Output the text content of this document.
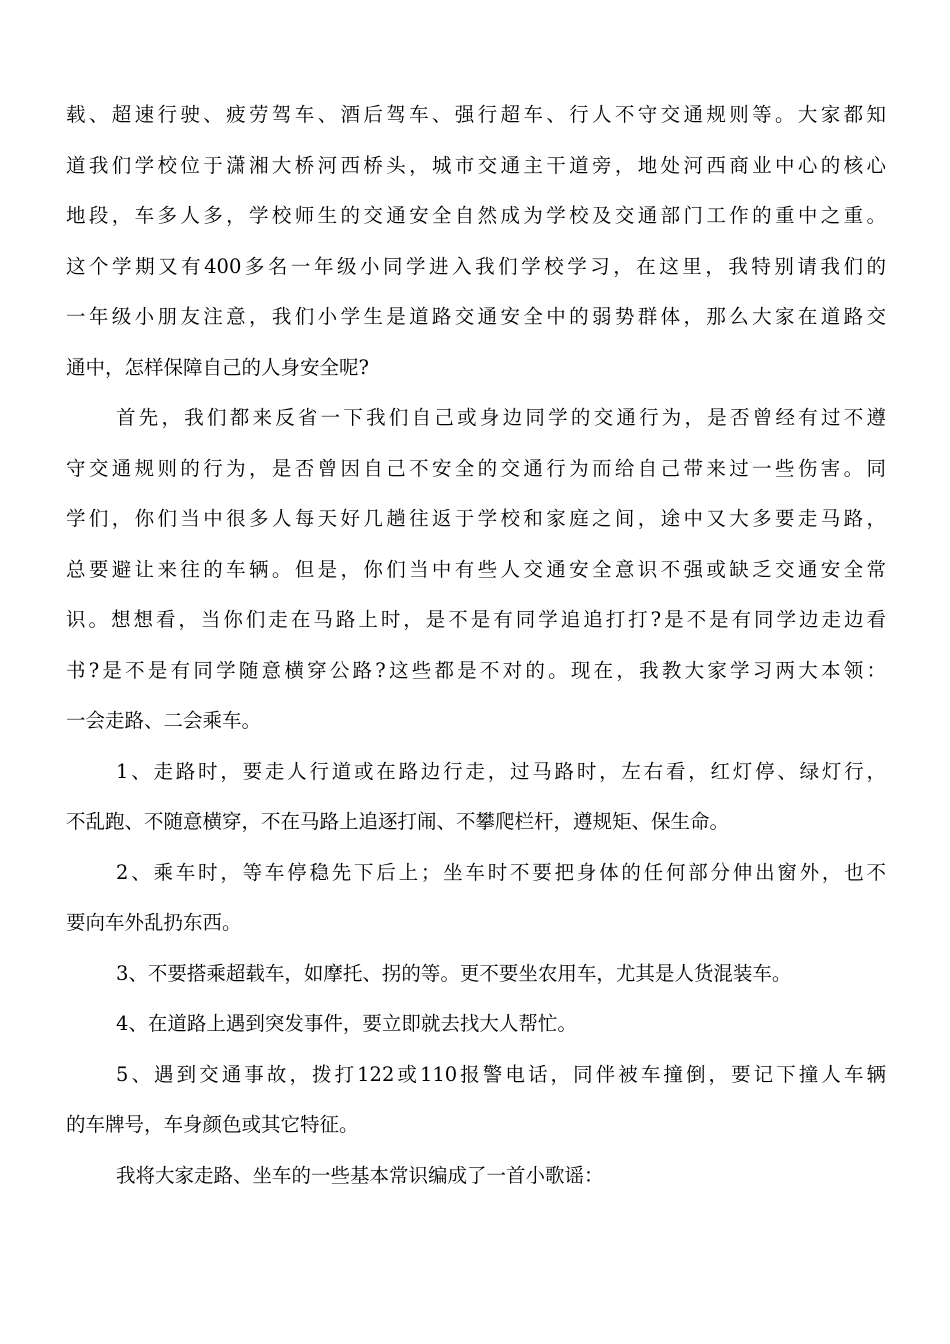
载、超速行驶、疲劳驾车、酒后驾车、强行超车、行人不守交通规则等。大家都知
道我们学校位于潇湘大桥河西桥头，城市交通主干道旁，地处河西商业中心的核心
地段，车多人多，学校师生的交通安全自然成为学校及交通部门工作的重中之重。
这个学期又有400多名一年级小同学进入我们学校学习，在这里，我特别请我们的
一年级小朋友注意，我们小学生是道路交通安全中的弱势群体，那么大家在道路交
通中，怎样保障自己的人身安全呢?
首先，我们都来反省一下我们自己或身边同学的交通行为，是否曾经有过不遵
守交通规则的行为，是否曾因自己不安全的交通行为而给自己带来过一些伤害。同
学们，你们当中很多人每天好几趟往返于学校和家庭之间，途中又大多要走马路，
总要避让来往的车辆。但是，你们当中有些人交通安全意识不强或缺乏交通安全常
识。想想看，当你们走在马路上时，是不是有同学追追打打?是不是有同学边走边看
书?是不是有同学随意横穿公路?这些都是不对的。现在，我教大家学习两大本领：
一会走路、二会乘车。
1、走路时，要走人行道或在路边行走，过马路时，左右看，红灯停、绿灯行，
不乱跑、不随意横穿，不在马路上追逐打闹、不攀爬栏杆，遵规矩、保生命。
2、乘车时，等车停稳先下后上；坐车时不要把身体的任何部分伸出窗外，也不
要向车外乱扔东西。
3、不要搭乘超载车，如摩托、拐的等。更不要坐农用车，尤其是人货混装车。
4、在道路上遇到突发事件，要立即就去找大人帮忙。
5、遇到交通事故，拨打122或110报警电话，同伴被车撞倒，要记下撞人车辆
的车牌号，车身颜色或其它特征。
我将大家走路、坐车的一些基本常识编成了一首小歌谣：
